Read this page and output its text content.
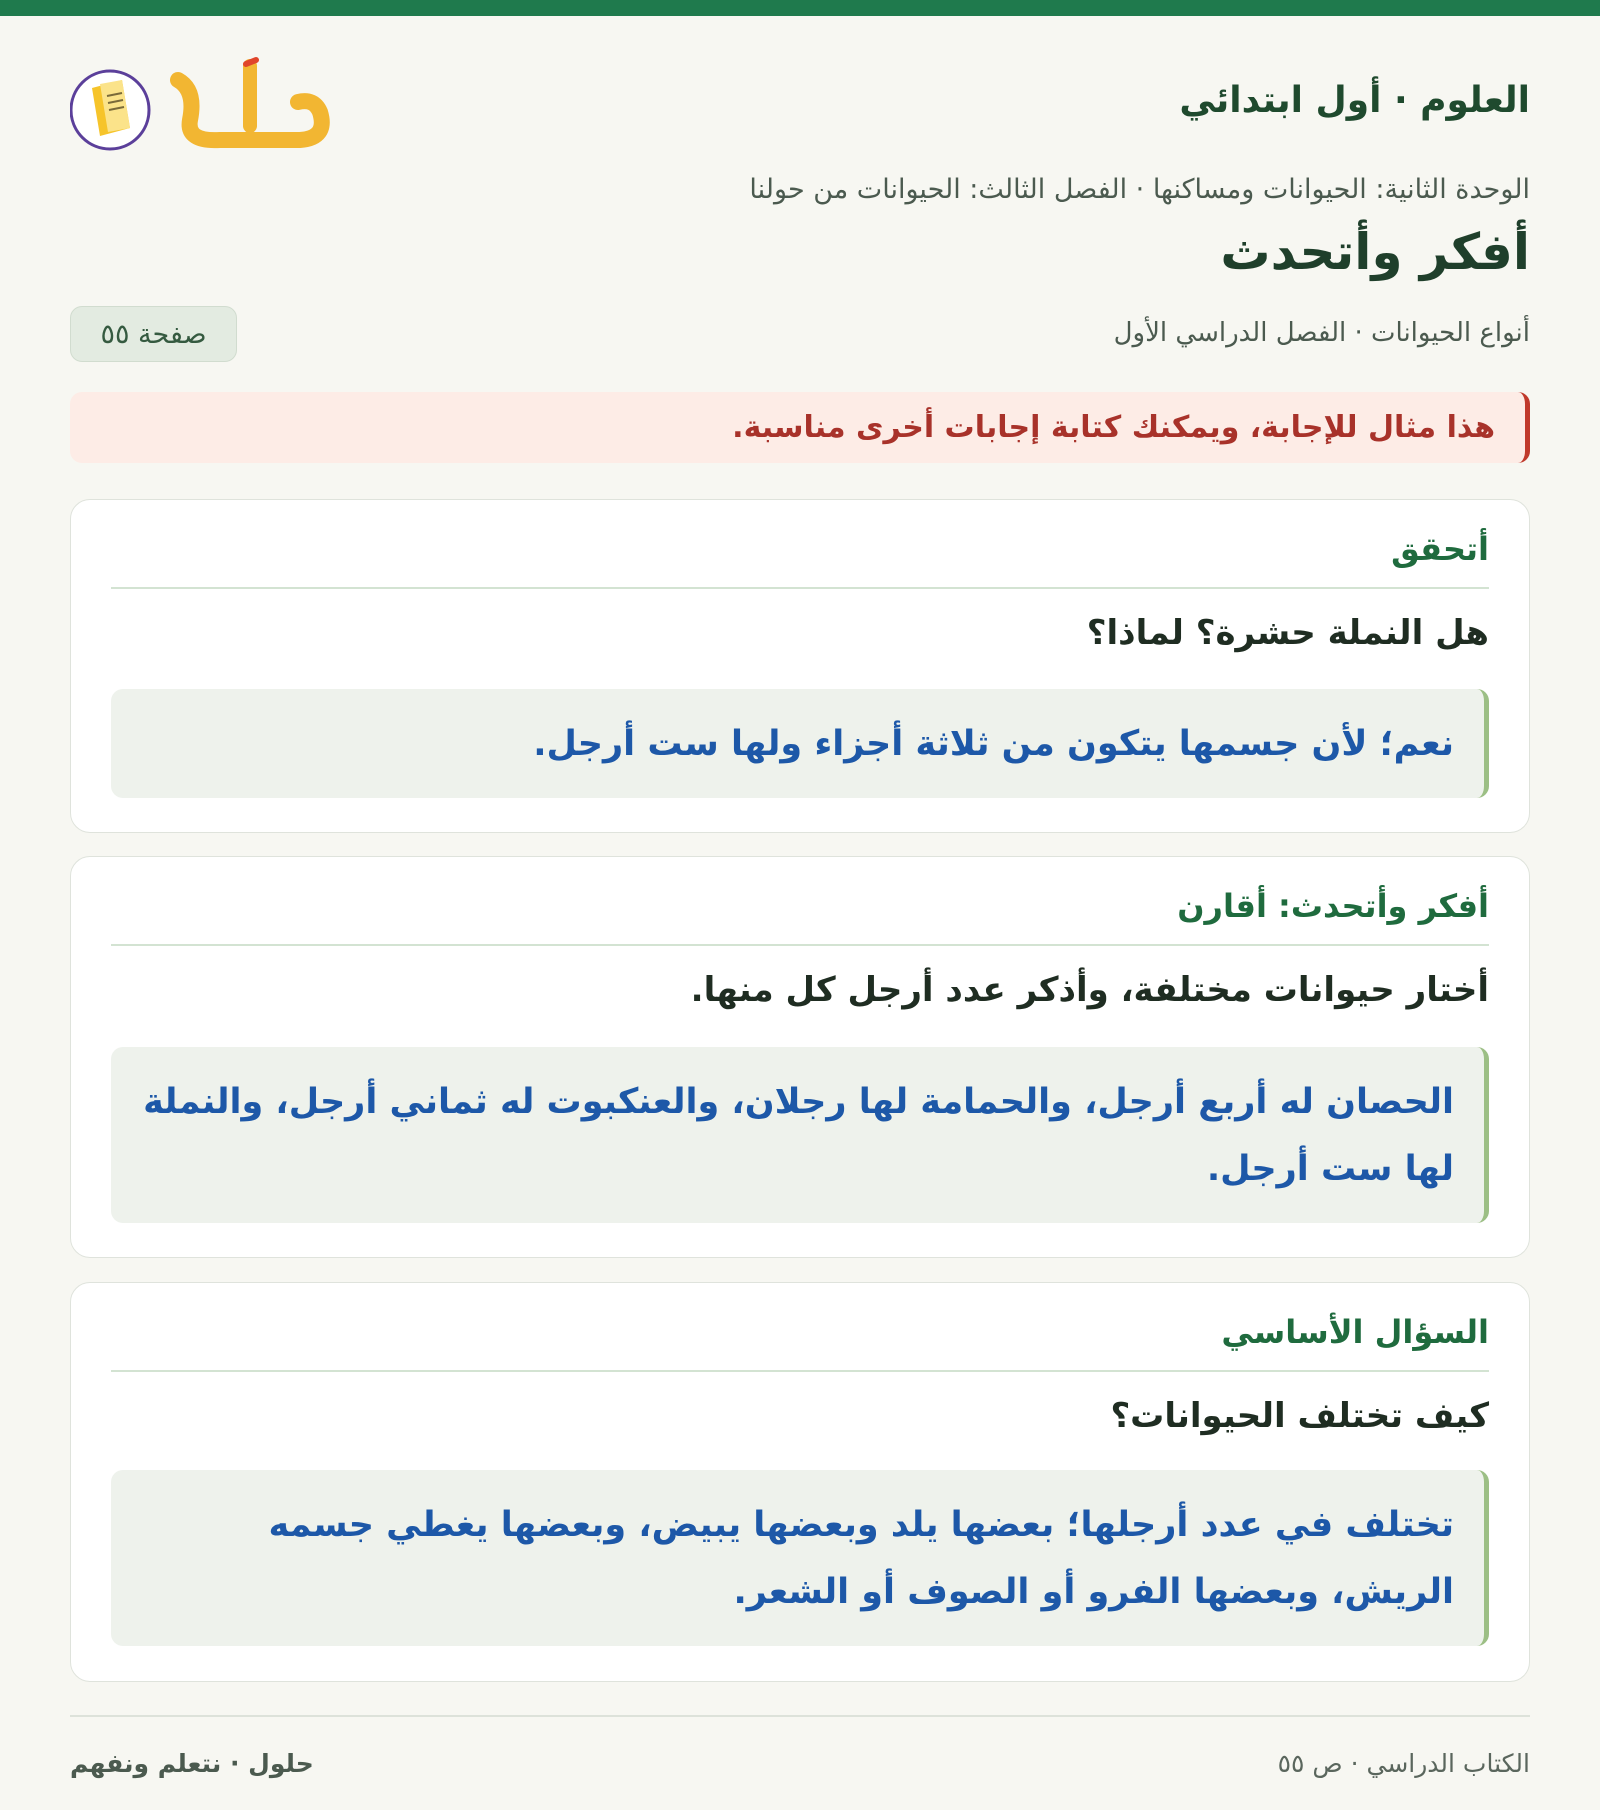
العلوم · أول ابتدائي
الوحدة الثانية: الحيوانات ومساكنها · الفصل الثالث: الحيوانات من حولنا
أفكر وأتحدث
أنواع الحيوانات · الفصل الدراسي الأول
صفحة ٥٥
هذا مثال للإجابة، ويمكنك كتابة إجابات أخرى مناسبة.
أتحقق
هل النملة حشرة؟ لماذا؟
نعم؛ لأن جسمها يتكون من ثلاثة أجزاء ولها ست أرجل.
أفكر وأتحدث: أقارن
أختار حيوانات مختلفة، وأذكر عدد أرجل كل منها.
الحصان له أربع أرجل، والحمامة لها رجلان، والعنكبوت له ثماني أرجل، والنملة لها ست أرجل.
السؤال الأساسي
كيف تختلف الحيوانات؟
تختلف في عدد أرجلها؛ بعضها يلد وبعضها يبيض، وبعضها يغطي جسمه الريش، وبعضها الفرو أو الصوف أو الشعر.
الكتاب الدراسي · ص ٥٥
حلول · نتعلم ونفهم
